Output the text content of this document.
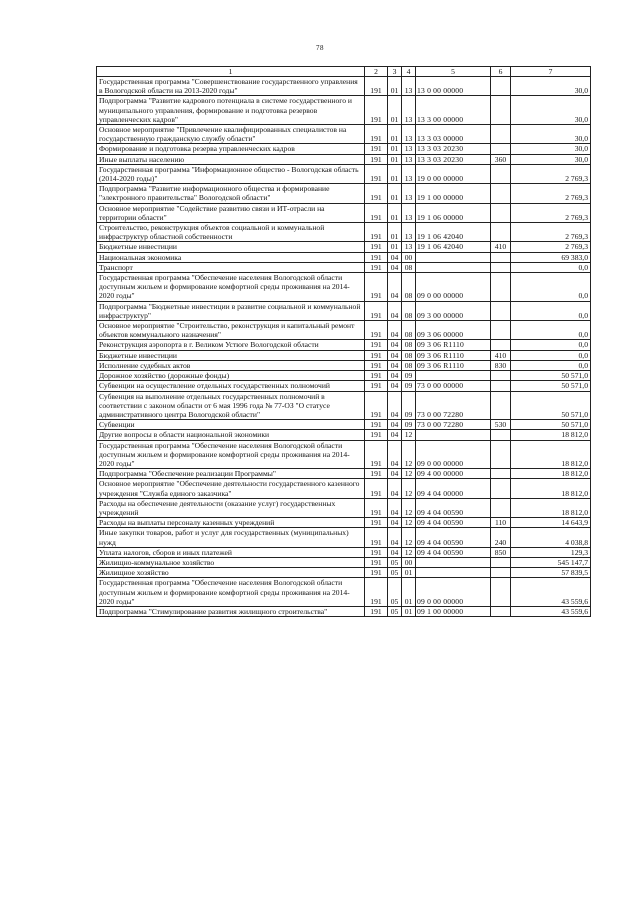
78
1	2	3	4	5	6	7
Государственная программа "Совершенствование государственного управления в Вологодской области на 2013-2020 годы"	191	01	13	13 0 00 00000		30,0
Подпрограмма "Развитие кадрового потенциала в системе государственного и муниципального управления, формирование и подготовка резервов управленческих кадров"	191	01	13	13 3 00 00000		30,0
Основное мероприятие "Привлечение квалифицированных специалистов на государственную гражданскую службу области"	191	01	13	13 3 03 00000		30,0
Формирование и подготовка резерва управленческих кадров	191	01	13	13 3 03 20230		30,0
Иные выплаты населению	191	01	13	13 3 03 20230	360	30,0
Государственная программа "Информационное общество - Вологодская область (2014-2020 годы)"	191	01	13	19 0 00 00000		2 769,3
Подпрограмма "Развитие информационного общества и формирование "электронного правительства" Вологодской области"	191	01	13	19 1 00 00000		2 769,3
Основное мероприятие "Содействие развитию связи и ИТ-отрасли на территории области"	191	01	13	19 1 06 00000		2 769,3
Строительство, реконструкция объектов социальной и коммунальной инфраструктур областной собственности	191	01	13	19 1 06 42040		2 769,3
Бюджетные инвестиции	191	01	13	19 1 06 42040	410	2 769,3
Национальная экономика	191	04	00			69 383,0
Транспорт	191	04	08			0,0
Государственная программа "Обеспечение населения Вологодской области доступным жильем и формирование комфортной среды проживания на 2014-2020 годы"	191	04	08	09 0 00 00000		0,0
Подпрограмма "Бюджетные инвестиции в развитие социальной и коммунальной инфраструктур"	191	04	08	09 3 00 00000		0,0
Основное мероприятие "Строительство, реконструкция и капитальный ремонт объектов коммунального назначения"	191	04	08	09 3 06 00000		0,0
Реконструкция аэропорта в г. Великом Устюге Вологодской области	191	04	08	09 3 06 R1110		0,0
Бюджетные инвестиции	191	04	08	09 3 06 R1110	410	0,0
Исполнение судебных актов	191	04	08	09 3 06 R1110	830	0,0
Дорожное хозяйство (дорожные фонды)	191	04	09			50 571,0
Субвенции на осуществление отдельных государственных полномочий	191	04	09	73 0 00 00000		50 571,0
Субвенция на выполнение отдельных государственных полномочий в соответствии с законом области от 6 мая 1996 года № 77-ОЗ "О статусе административного центра Вологодской области"	191	04	09	73 0 00 72280		50 571,0
Субвенции	191	04	09	73 0 00 72280	530	50 571,0
Другие вопросы в области национальной экономики	191	04	12			18 812,0
Государственная программа "Обеспечение населения Вологодской области доступным жильем и формирование комфортной среды проживания на 2014-2020 годы"	191	04	12	09 0 00 00000		18 812,0
Подпрограмма "Обеспечение реализации Программы"	191	04	12	09 4 00 00000		18 812,0
Основное мероприятие "Обеспечение деятельности государственного казенного учреждения "Служба единого заказчика"	191	04	12	09 4 04 00000		18 812,0
Расходы на обеспечение деятельности (оказание услуг) государственных учреждений	191	04	12	09 4 04 00590		18 812,0
Расходы на выплаты персоналу казенных учреждений	191	04	12	09 4 04 00590	110	14 643,9
Иные закупки товаров, работ и услуг для государственных (муниципальных) нужд	191	04	12	09 4 04 00590	240	4 038,8
Уплата налогов, сборов и иных платежей	191	04	12	09 4 04 00590	850	129,3
Жилищно-коммунальное хозяйство	191	05	00			545 147,7
Жилищное хозяйство	191	05	01			57 839,5
Государственная программа "Обеспечение населения Вологодской области доступным жильем и формирование комфортной среды проживания на 2014-2020 годы"	191	05	01	09 0 00 00000		43 559,6
Подпрограмма "Стимулирование развития жилищного строительства"	191	05	01	09 1 00 00000		43 559,6
